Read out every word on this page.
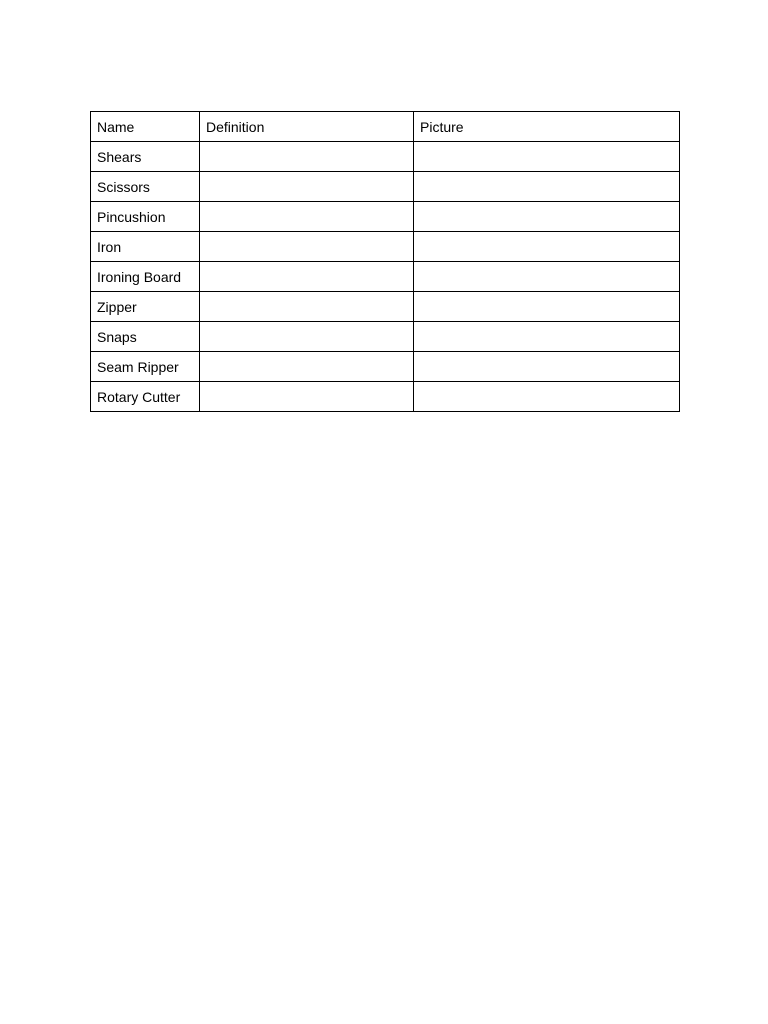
Name	Definition	Picture
Shears		
Scissors		
Pincushion		
Iron		
Ironing Board		
Zipper		
Snaps		
Seam Ripper		
Rotary Cutter		
